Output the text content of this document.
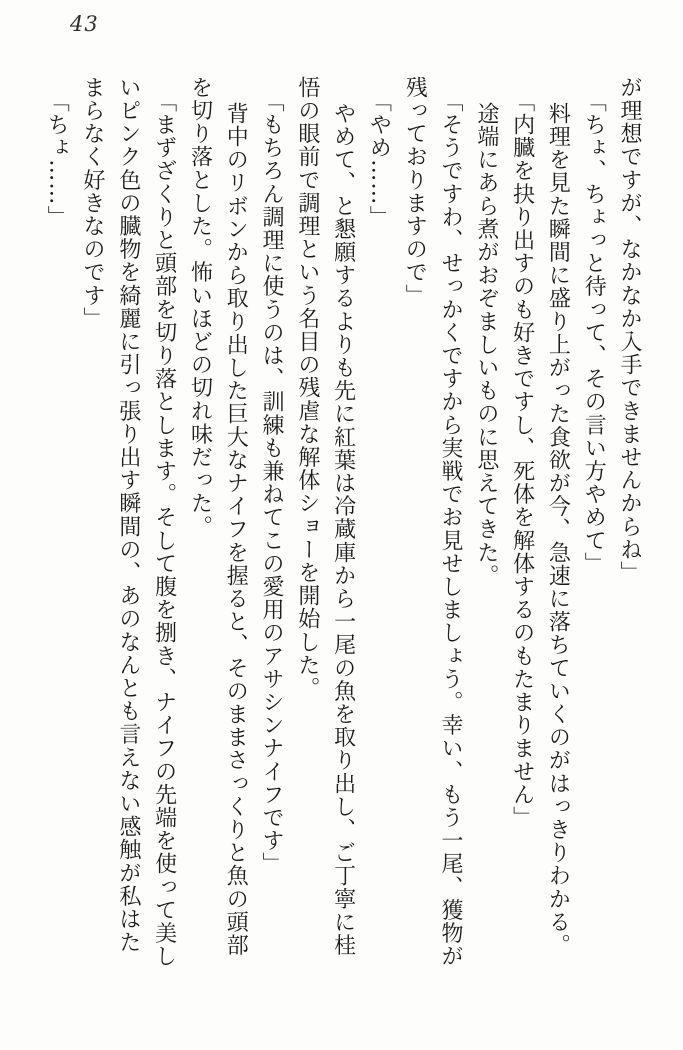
43
が理想ですが、なかなか入手できませんからね」
「ちょ、ちょっと待って、その言い方やめて」
料理を見た瞬間に盛り上がった食欲が今、急速に落ちていくのがはっきりわかる。
「内臓を抉り出すのも好きですし、死体を解体するのもたまりません」
途端にあら煮がおぞましいものに思えてきた。
「そうですわ、せっかくですから実戦でお見せしましょう。幸い、もう一尾、獲物が
残っておりますので」
「やめ……」
やめて、と懇願するよりも先に紅葉は冷蔵庫から一尾の魚を取り出し、ご丁寧に桂
悟の眼前で調理という名目の残虐な解体ショーを開始した。
「もちろん調理に使うのは、訓練も兼ねてこの愛用のアサシンナイフです」
背中のリボンから取り出した巨大なナイフを握ると、そのままさっくりと魚の頭部
を切り落とした。怖いほどの切れ味だった。
「まずざくりと頭部を切り落とします。そして腹を捌き、ナイフの先端を使って美し
いピンク色の臓物を綺麗に引っ張り出す瞬間の、あのなんとも言えない感触が私はた
まらなく好きなのです」
「ちょ……」
